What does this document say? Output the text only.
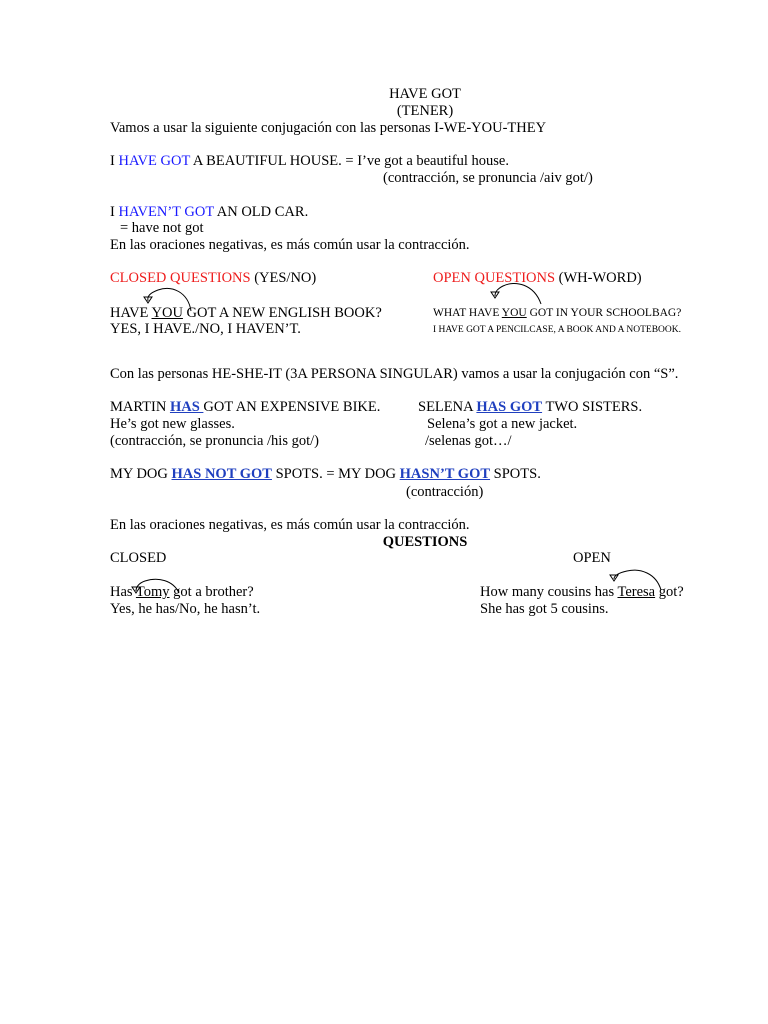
HAVE GOT
(TENER)
Vamos a usar la siguiente conjugación con las personas I-WE-YOU-THEY
I HAVE GOT A BEAUTIFUL HOUSE. = I’ve got a beautiful house.
(contracción, se pronuncia /aiv got/)
I HAVEN’T GOT AN OLD CAR.
= have not got
En las oraciones negativas, es más común usar la contracción.
CLOSED QUESTIONS (YES/NO)
HAVE YOU GOT A NEW ENGLISH BOOK?
YES, I HAVE./NO, I HAVEN’T.
OPEN QUESTIONS (WH-WORD)
WHAT HAVE YOU GOT IN YOUR SCHOOLBAG?
I HAVE GOT A PENCILCASE, A BOOK AND A NOTEBOOK.
Con las personas HE-SHE-IT (3A PERSONA SINGULAR) vamos a usar la conjugación con “S”.
MARTIN HAS GOT AN EXPENSIVE BIKE.
He’s got new glasses.
(contracción, se pronuncia /his got/)
SELENA HAS GOT TWO SISTERS.
Selena’s got a new jacket.
/selenas got…/
MY DOG HAS NOT GOT SPOTS. = MY DOG HASN’T GOT SPOTS.
(contracción)
En las oraciones negativas, es más común usar la contracción.
QUESTIONS
CLOSED	OPEN
Has Tomy got a brother?
Yes, he has/No, he hasn’t.
How many cousins has Teresa got?
She has got 5 cousins.
